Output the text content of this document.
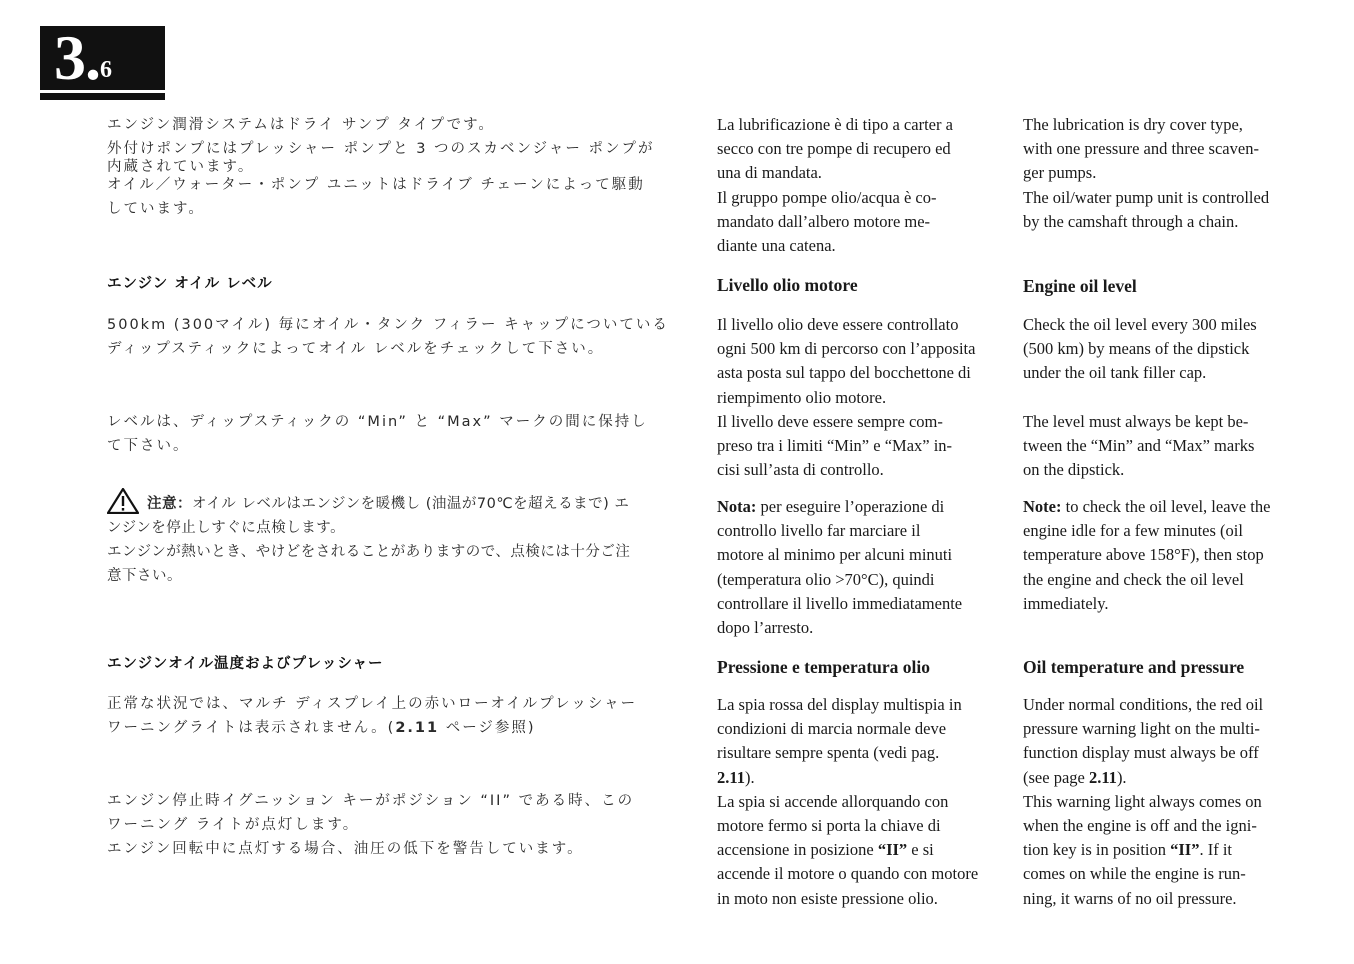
3.6
エンジン潤滑システムはドライ サンプ タイプです。
外付けポンプにはプレッシャー ポンプと 3 つのスカベンジャー ポンプが
内蔵されています。
オイル／ウォーター・ポンプ ユニットはドライブ チェーンによって駆動
しています。
エンジン オイル レベル
500km (300マイル) 毎にオイル・タンク フィラー キャップについている
ディップスティックによってオイル レベルをチェックして下さい。
レベルは、ディップスティックの “Min” と “Max” マークの間に保持し
て下さい。
注意：オイル レベルはエンジンを暖機し (油温が70℃を超えるまで) エ
ンジンを停止しすぐに点検します。
エンジンが熱いとき、やけどをされることがありますので、点検には十分ご注
意下さい。
エンジンオイル温度およびプレッシャー
正常な状況では、マルチ ディスプレイ上の赤いローオイルプレッシャー
ワーニングライトは表示されません。(2.11 ページ参照)
エンジン停止時イグニッション キーがポジション “II” である時、この
ワーニング ライトが点灯します。
エンジン回転中に点灯する場合、油圧の低下を警告しています。
La lubrificazione è di tipo a carter a
secco con tre pompe di recupero ed
una di mandata.
Il gruppo pompe olio/acqua è co-
mandato dall’albero motore me-
diante una catena.
Livello olio motore
Il livello olio deve essere controllato
ogni 500 km di percorso con l’apposita
asta posta sul tappo del bocchettone di
riempimento olio motore.
Il livello deve essere sempre com-
preso tra i limiti “Min” e “Max” in-
cisi sull’asta di controllo.
Nota: per eseguire l’operazione di
controllo livello far marciare il
motore al minimo per alcuni minuti
(temperatura olio >70°C), quindi
controllare il livello immediatamente
dopo l’arresto.
Pressione e temperatura olio
La spia rossa del display multispia in
condizioni di marcia normale deve
risultare sempre spenta (vedi pag.
2.11).
La spia si accende allorquando con
motore fermo si porta la chiave di
accensione in posizione “II” e si
accende il motore o quando con motore
in moto non esiste pressione olio.
The lubrication is dry cover type,
with one pressure and three scaven-
ger pumps.
The oil/water pump unit is controlled
by the camshaft through a chain.
Engine oil level
Check the oil level every 300 miles
(500 km) by means of the dipstick
under the oil tank filler cap.
The level must always be kept be-
tween the “Min” and “Max” marks
on the dipstick.
Note: to check the oil level, leave the
engine idle for a few minutes (oil
temperature above 158°F), then stop
the engine and check the oil level
immediately.
Oil temperature and pressure
Under normal conditions, the red oil
pressure warning light on the multi-
function display must always be off
(see page 2.11).
This warning light always comes on
when the engine is off and the igni-
tion key is in position “II”. If it
comes on while the engine is run-
ning, it warns of no oil pressure.
